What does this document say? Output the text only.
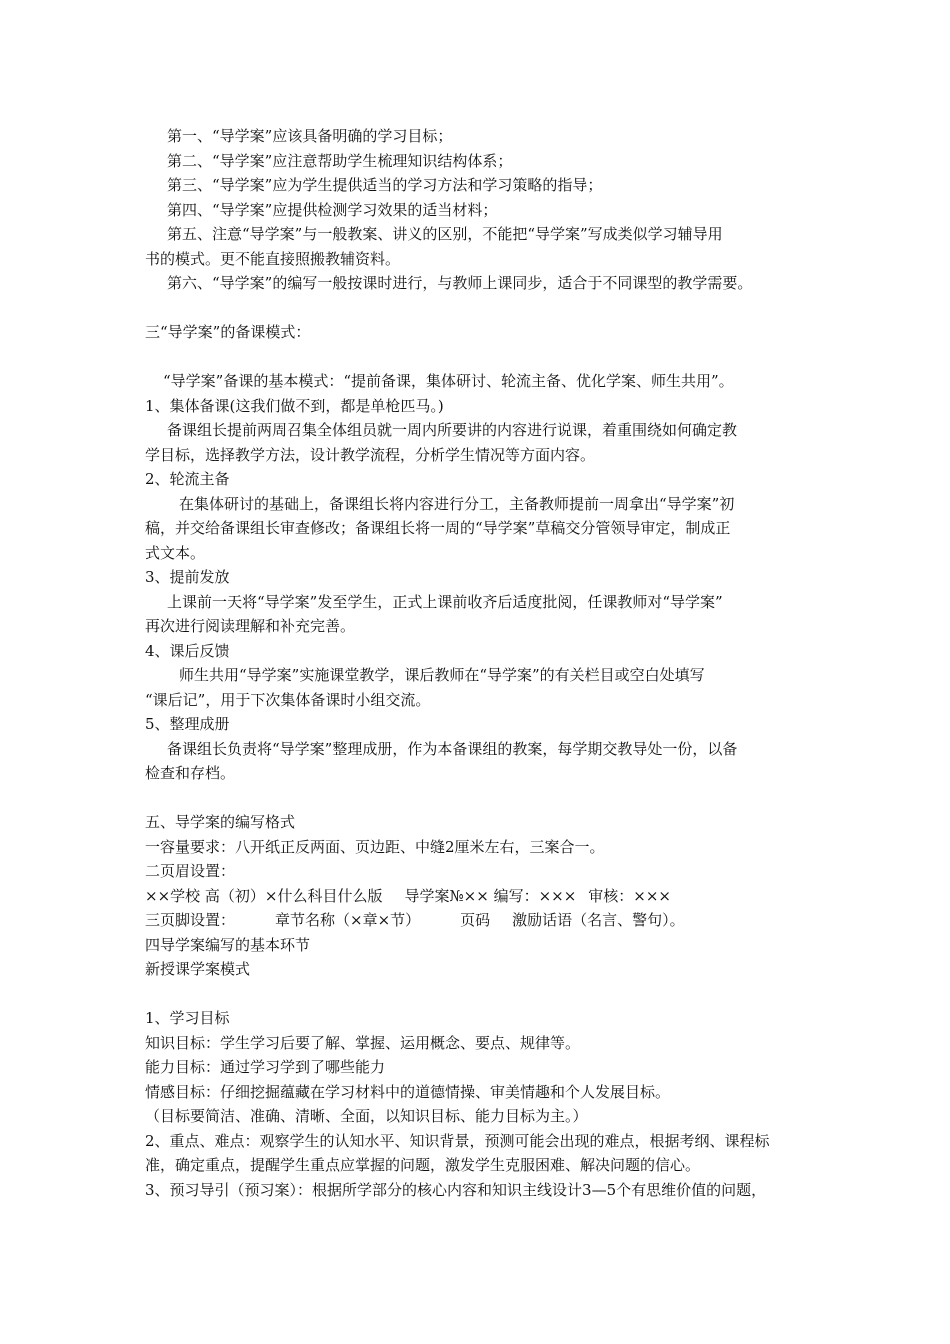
第一、“导学案”应该具备明确的学习目标；
第二、“导学案”应注意帮助学生梳理知识结构体系；
第三、“导学案”应为学生提供适当的学习方法和学习策略的指导；
第四、“导学案”应提供检测学习效果的适当材料；
第五、注意“导学案”与一般教案、讲义的区别，不能把“导学案”写成类似学习辅导用
书的模式。更不能直接照搬教辅资料。
第六、“导学案”的编写一般按课时进行，与教师上课同步，适合于不同课型的教学需要。
三“导学案”的备课模式：
“导学案”备课的基本模式：“提前备课，集体研讨、轮流主备、优化学案、师生共用”。
1、集体备课(这我们做不到，都是单枪匹马。)
备课组长提前两周召集全体组员就一周内所要讲的内容进行说课，着重围绕如何确定教
学目标，选择教学方法，设计教学流程，分析学生情况等方面内容。
2、轮流主备
在集体研讨的基础上，备课组长将内容进行分工，主备教师提前一周拿出“导学案”初
稿，并交给备课组长审查修改；备课组长将一周的“导学案”草稿交分管领导审定，制成正
式文本。
3、提前发放
上课前一天将“导学案”发至学生，正式上课前收齐后适度批阅，任课教师对“导学案”
再次进行阅读理解和补充完善。
4、课后反馈
师生共用“导学案”实施课堂教学，课后教师在“导学案”的有关栏目或空白处填写
“课后记”，用于下次集体备课时小组交流。
5、整理成册
备课组长负责将“导学案”整理成册，作为本备课组的教案，每学期交教导处一份，以备
检查和存档。
五、导学案的编写格式
一容量要求：八开纸正反两面、页边距、中缝2厘米左右，三案合一。
二页眉设置：
××学校 高（初）×什么科目什么版 导学案№×× 编写：××× 审核：×××
三页脚设置：	章节名称（×章×节）	页码 激励话语（名言、警句）。
四导学案编写的基本环节
新授课学案模式
1、学习目标
知识目标：学生学习后要了解、掌握、运用概念、要点、规律等。
能力目标：通过学习学到了哪些能力
情感目标：仔细挖掘蕴藏在学习材料中的道德情操、审美情趣和个人发展目标。
（目标要简洁、准确、清晰、全面，以知识目标、能力目标为主。）
2、重点、难点：观察学生的认知水平、知识背景，预测可能会出现的难点，根据考纲、课程标
准，确定重点，提醒学生重点应掌握的问题，激发学生克服困难、解决问题的信心。
3、预习导引（预习案）：根据所学部分的核心内容和知识主线设计3—5个有思维价值的问题，
